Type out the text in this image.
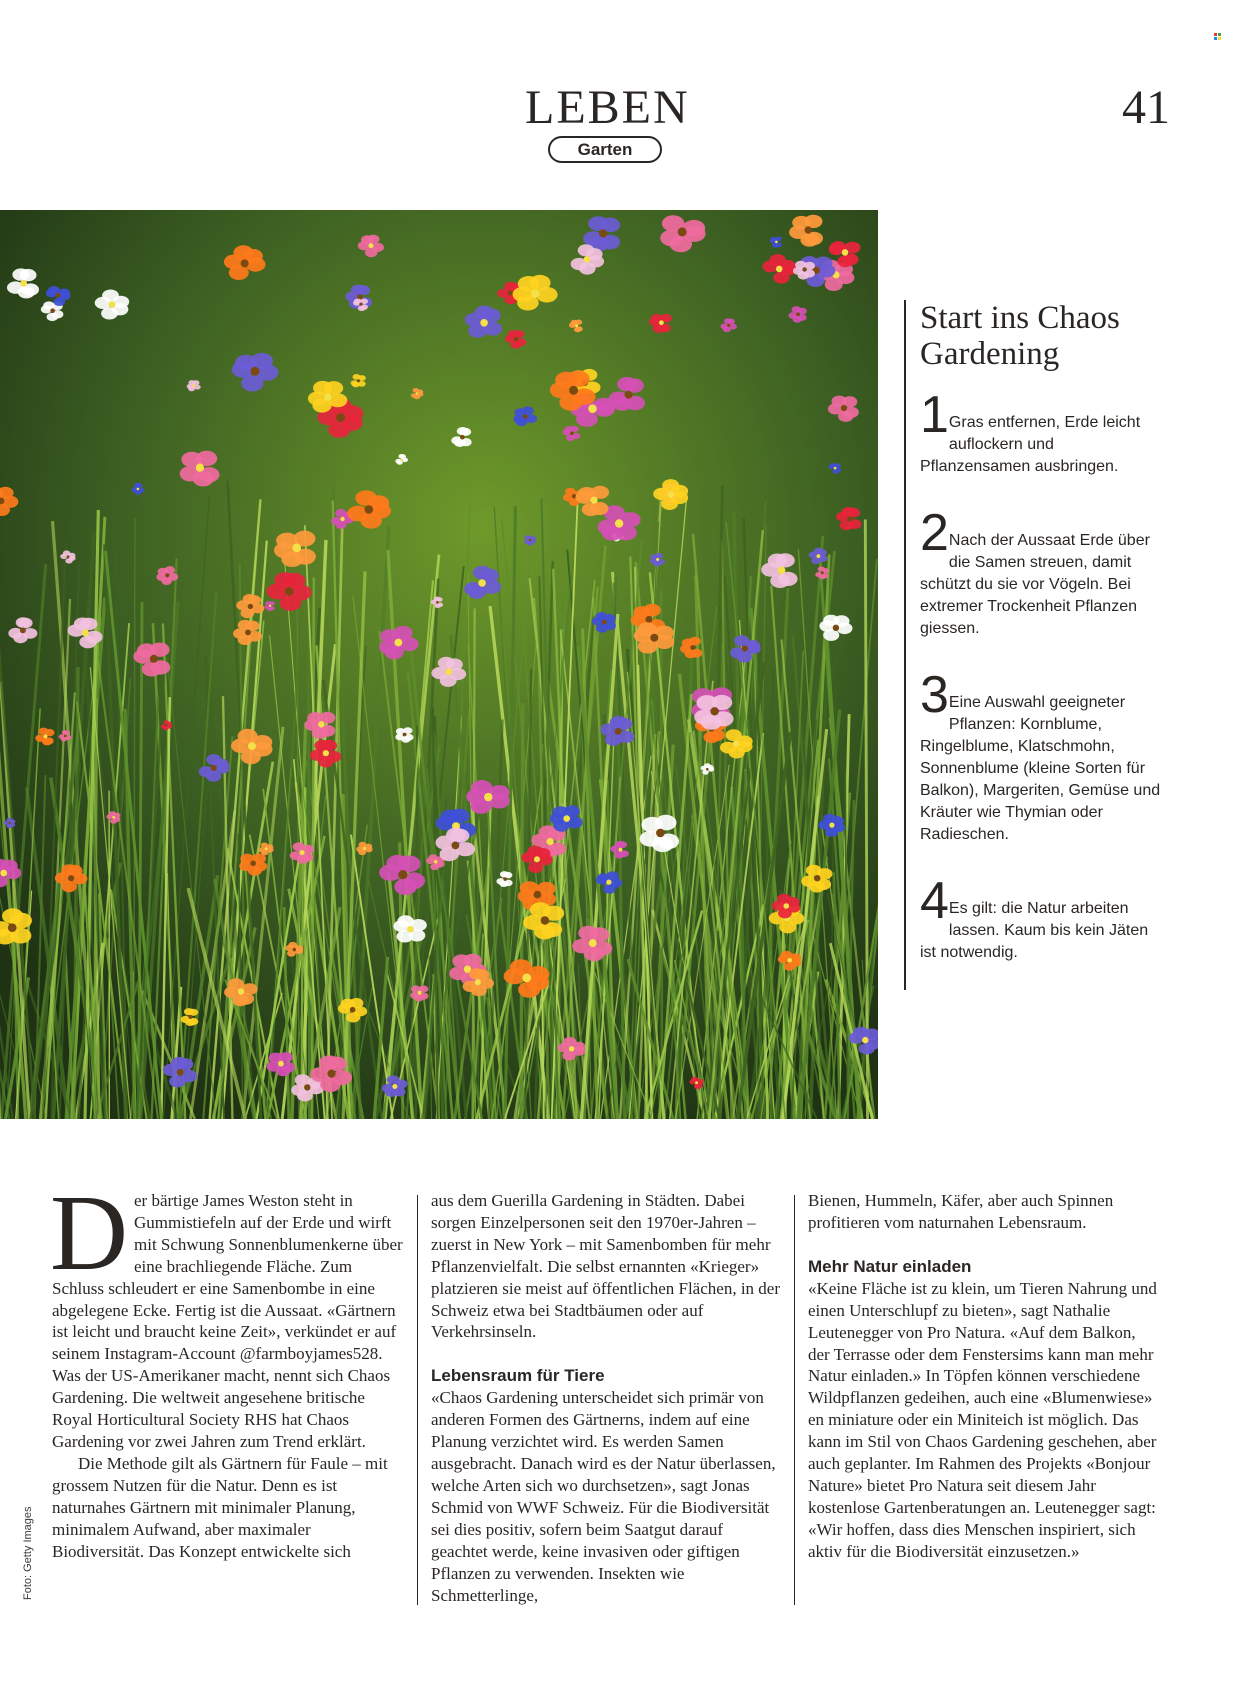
LEBEN
Garten
41
Start ins Chaos Gardening
1 Gras entfernen, Erde leicht auflockern und Pflanzensamen ausbringen.
2 Nach der Aussaat Erde über die Samen streuen, damit schützt du sie vor Vögeln. Bei extremer Trockenheit Pflanzen giessen.
3 Eine Auswahl geeigneter Pflanzen: Kornblume, Ringelblume, Klatschmohn, Sonnenblume (kleine Sorten für Balkon), Margeriten, Gemüse und Kräuter wie Thymian oder Radieschen.
4 Es gilt: die Natur arbeiten lassen. Kaum bis kein Jäten ist notwendig.

Der bärtige James Weston steht in Gummistiefeln auf der Erde und wirft mit Schwung Sonnenblumenkerne über eine brachliegende Fläche. Zum Schluss schleudert er eine Samenbombe in eine abgelegene Ecke. Fertig ist die Aussaat. «Gärtnern ist leicht und braucht keine Zeit», verkündet er auf seinem Instagram-Account @farmboyjames528. Was der US-Amerikaner macht, nennt sich Chaos Gardening. Die weltweit angesehene britische Royal Horticultural Society RHS hat Chaos Gardening vor zwei Jahren zum Trend erklärt.

Die Methode gilt als Gärtnern für Faule – mit grossem Nutzen für die Natur. Denn es ist naturnahes Gärtnern mit minimaler Planung, minimalem Aufwand, aber maximaler Biodiversität. Das Konzept entwickelte sich

aus dem Guerilla Gardening in Städten. Dabei sorgen Einzelpersonen seit den 1970er-Jahren – zuerst in New York – mit Samenbomben für mehr Pflanzenvielfalt. Die selbst ernannten «Krieger» platzieren sie meist auf öffentlichen Flächen, in der Schweiz etwa bei Stadtbäumen oder auf Verkehrsinseln.

Lebensraum für Tiere

«Chaos Gardening unterscheidet sich primär von anderen Formen des Gärtnerns, indem auf eine Planung verzichtet wird. Es werden Samen ausgebracht. Danach wird es der Natur überlassen, welche Arten sich wo durchsetzen», sagt Jonas Schmid von WWF Schweiz. Für die Biodiversität sei dies positiv, sofern beim Saatgut darauf geachtet werde, keine invasiven oder giftigen Pflanzen zu verwenden. Insekten wie Schmetterlinge,

Bienen, Hummeln, Käfer, aber auch Spinnen profitieren vom naturnahen Lebensraum.

Mehr Natur einladen

«Keine Fläche ist zu klein, um Tieren Nahrung und einen Unterschlupf zu bieten», sagt Nathalie Leutenegger von Pro Natura. «Auf dem Balkon, der Terrasse oder dem Fenstersims kann man mehr Natur einladen.» In Töpfen können verschiedene Wildpflanzen gedeihen, auch eine «Blumenwiese» en miniature oder ein Miniteich ist möglich. Das kann im Stil von Chaos Gardening geschehen, aber auch geplanter. Im Rahmen des Projekts «Bonjour Nature» bietet Pro Natura seit diesem Jahr kostenlose Gartenberatungen an. Leutenegger sagt: «Wir hoffen, dass dies Menschen inspiriert, sich aktiv für die Biodiversität einzusetzen.»

Foto: Getty Images
